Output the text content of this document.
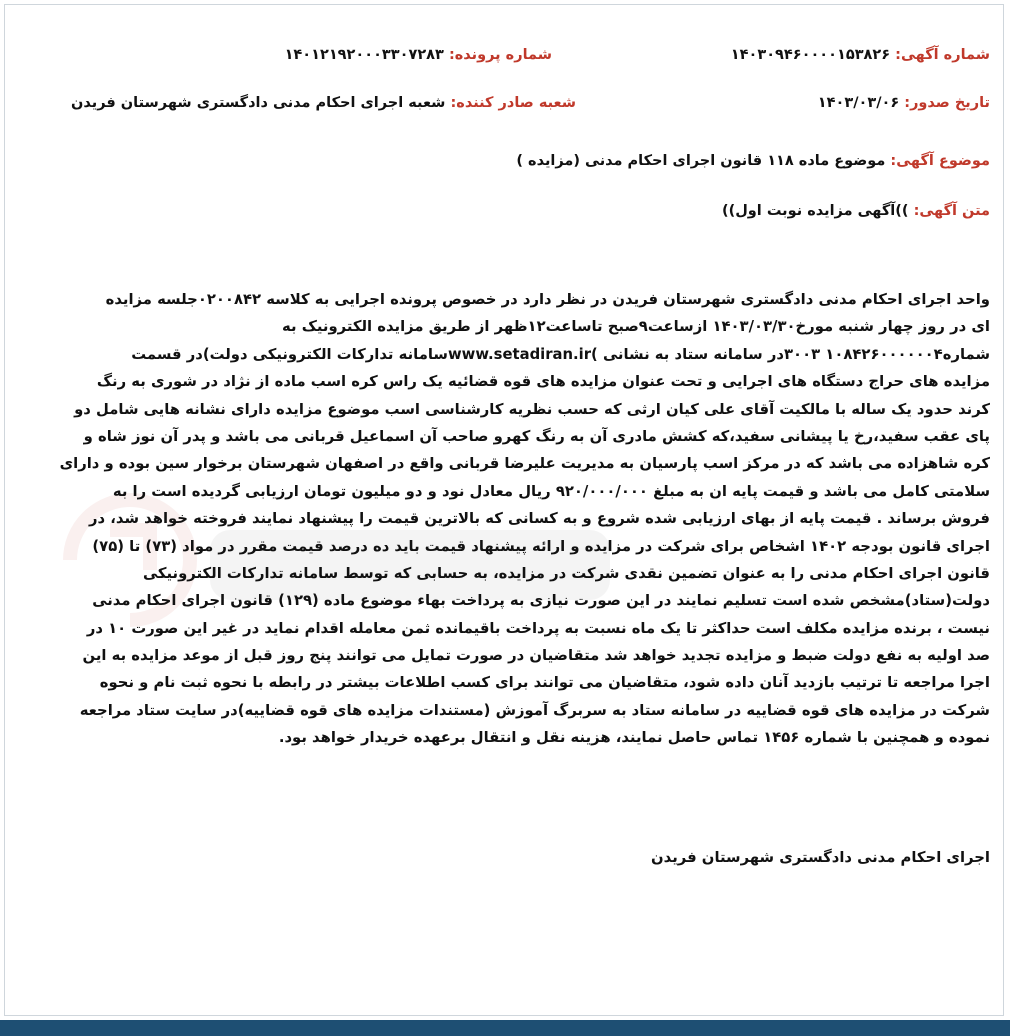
شماره آگهی: ۱۴۰۳۰۹۴۶۰۰۰۰۱۵۳۸۲۶
شماره پرونده: ۱۴۰۱۲۱۹۲۰۰۰۳۳۰۷۲۸۳
تاریخ صدور: ۱۴۰۳/۰۳/۰۶
شعبه صادر کننده: شعبه اجرای احکام مدنی دادگستری شهرستان فریدن
موضوع آگهی: موضوع ماده ۱۱۸ قانون اجرای احکام مدنی (مزایده )
متن آگهی: ))آگهی مزایده نوبت اول))
واحد اجرای احکام مدنی دادگستری شهرستان فریدن در نظر دارد در خصوص پرونده اجرایی به کلاسه ۰۲۰۰۸۴۲جلسه مزایده
ای در روز چهار شنبه مورخ۱۴۰۳/۰۳/۳۰ ازساعت۹صبح تاساعت۱۲ظهر از طریق مزایده الکترونیک به
شماره۱۰۸۴۲۶۰۰۰۰۰۰۴ ۳۰۰۳در سامانه ستاد به نشانی )www.setadiran.irسامانه تدارکات الکترونیکی دولت)در قسمت
مزایده های حراج دستگاه های اجرایی و تحت عنوان مزایده های قوه قضائیه یک راس کره اسب ماده از نژاد در شوری به رنگ
کرند حدود یک ساله با مالکیت آقای علی کیان ارثی که حسب نظریه کارشناسی اسب موضوع مزایده دارای نشانه هایی شامل دو
پای عقب سفید،رخ یا پیشانی سفید،که کشش مادری آن به رنگ کهرو صاحب آن اسماعیل قربانی می باشد و پدر آن نوز شاه و
کره شاهزاده می باشد که در مرکز اسب پارسیان به مدیریت علیرضا قربانی واقع در اصفهان شهرستان برخوار سین بوده و دارای
سلامتی کامل می باشد و قیمت پایه ان به مبلغ ۹۲۰/۰۰۰/۰۰۰ ریال معادل نود و دو میلیون تومان ارزیابی گردیده است را به
فروش برساند . قیمت پایه از بهای ارزیابی شده شروع و به کسانی که بالاترین قیمت را پیشنهاد نمایند فروخته خواهد شد، در
اجرای قانون بودجه ۱۴۰۲ اشخاص برای شرکت در مزایده و ارائه پیشنهاد قیمت باید ده درصد قیمت مقرر در مواد (۷۳) تا (۷۵)
قانون اجرای احکام مدنی را به عنوان تضمین نقدی شرکت در مزایده، به حسابی که توسط سامانه تدارکات الکترونیکی
دولت(ستاد)مشخص شده است تسلیم نمایند در این صورت نیازی به پرداخت بهاء موضوع ماده (۱۲۹) قانون اجرای احکام مدنی
نیست ، برنده مزایده مکلف است حداکثر تا یک ماه نسبت به پرداخت باقیمانده ثمن معامله اقدام نماید در غیر این صورت ۱۰ در
صد اولیه به نفع دولت ضبط و مزایده تجدید خواهد شد متقاضیان در صورت تمایل می توانند پنج روز قبل از موعد مزایده به این
اجرا مراجعه تا ترتیب بازدید آنان داده شود، متقاضیان می توانند برای کسب اطلاعات بیشتر در رابطه با نحوه ثبت نام و نحوه
شرکت در مزایده های قوه قضاییه در سامانه ستاد به سربرگ آموزش (مستندات مزایده های قوه قضاییه)در سایت ستاد مراجعه
نموده و همچنین با شماره ۱۴۵۶ تماس حاصل نمایند، هزینه نقل و انتقال برعهده خریدار خواهد بود.
اجرای احکام مدنی دادگستری شهرستان فریدن
